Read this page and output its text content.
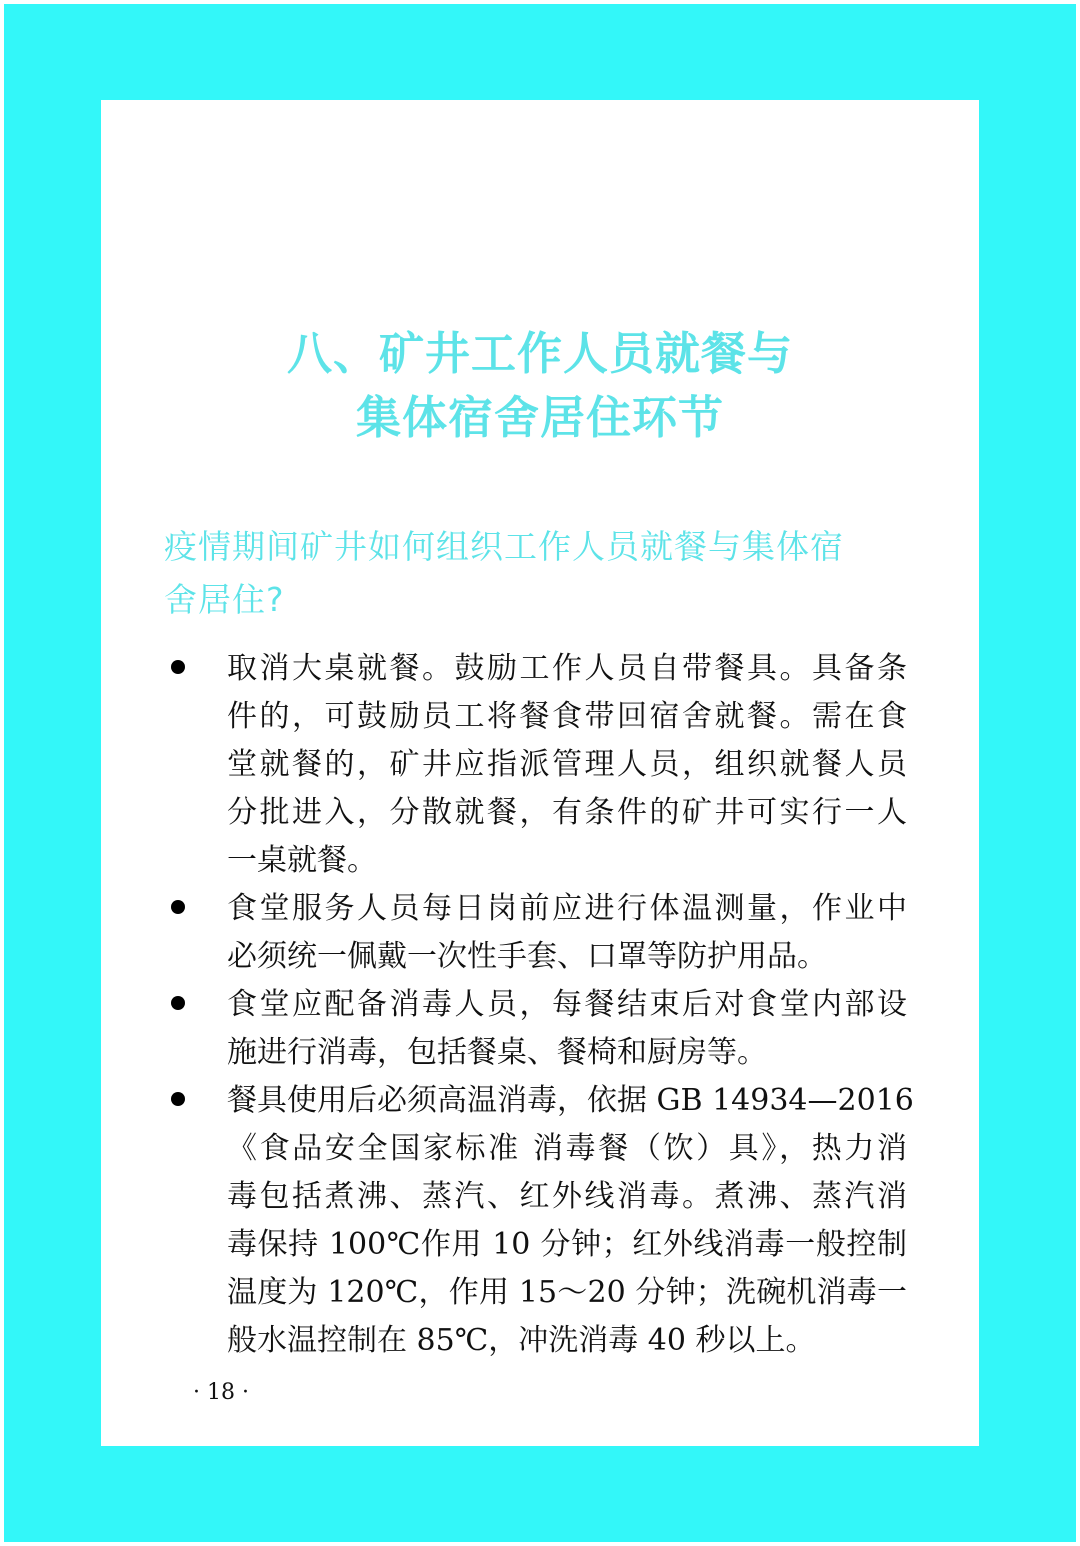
八、矿井工作人员就餐与
集体宿舍居住环节
疫情期间矿井如何组织工作人员就餐与集体宿
舍居住?
取消大桌就餐。鼓励工作人员自带餐具。具备条
件的，可鼓励员工将餐食带回宿舍就餐。需在食
堂就餐的，矿井应指派管理人员，组织就餐人员
分批进入，分散就餐，有条件的矿井可实行一人
一桌就餐。
食堂服务人员每日岗前应进行体温测量，作业中
必须统一佩戴一次性手套、口罩等防护用品。
食堂应配备消毒人员，每餐结束后对食堂内部设
施进行消毒，包括餐桌、餐椅和厨房等。
餐具使用后必须高温消毒，依据 GB 14934—2016
《食品安全国家标准 消毒餐（饮）具》，热力消
毒包括煮沸、蒸汽、红外线消毒。煮沸、蒸汽消
毒保持 100℃作用 10 分钟；红外线消毒一般控制
温度为 120℃，作用 15～20 分钟；洗碗机消毒一
般水温控制在 85℃，冲洗消毒 40 秒以上。
· 18 ·
